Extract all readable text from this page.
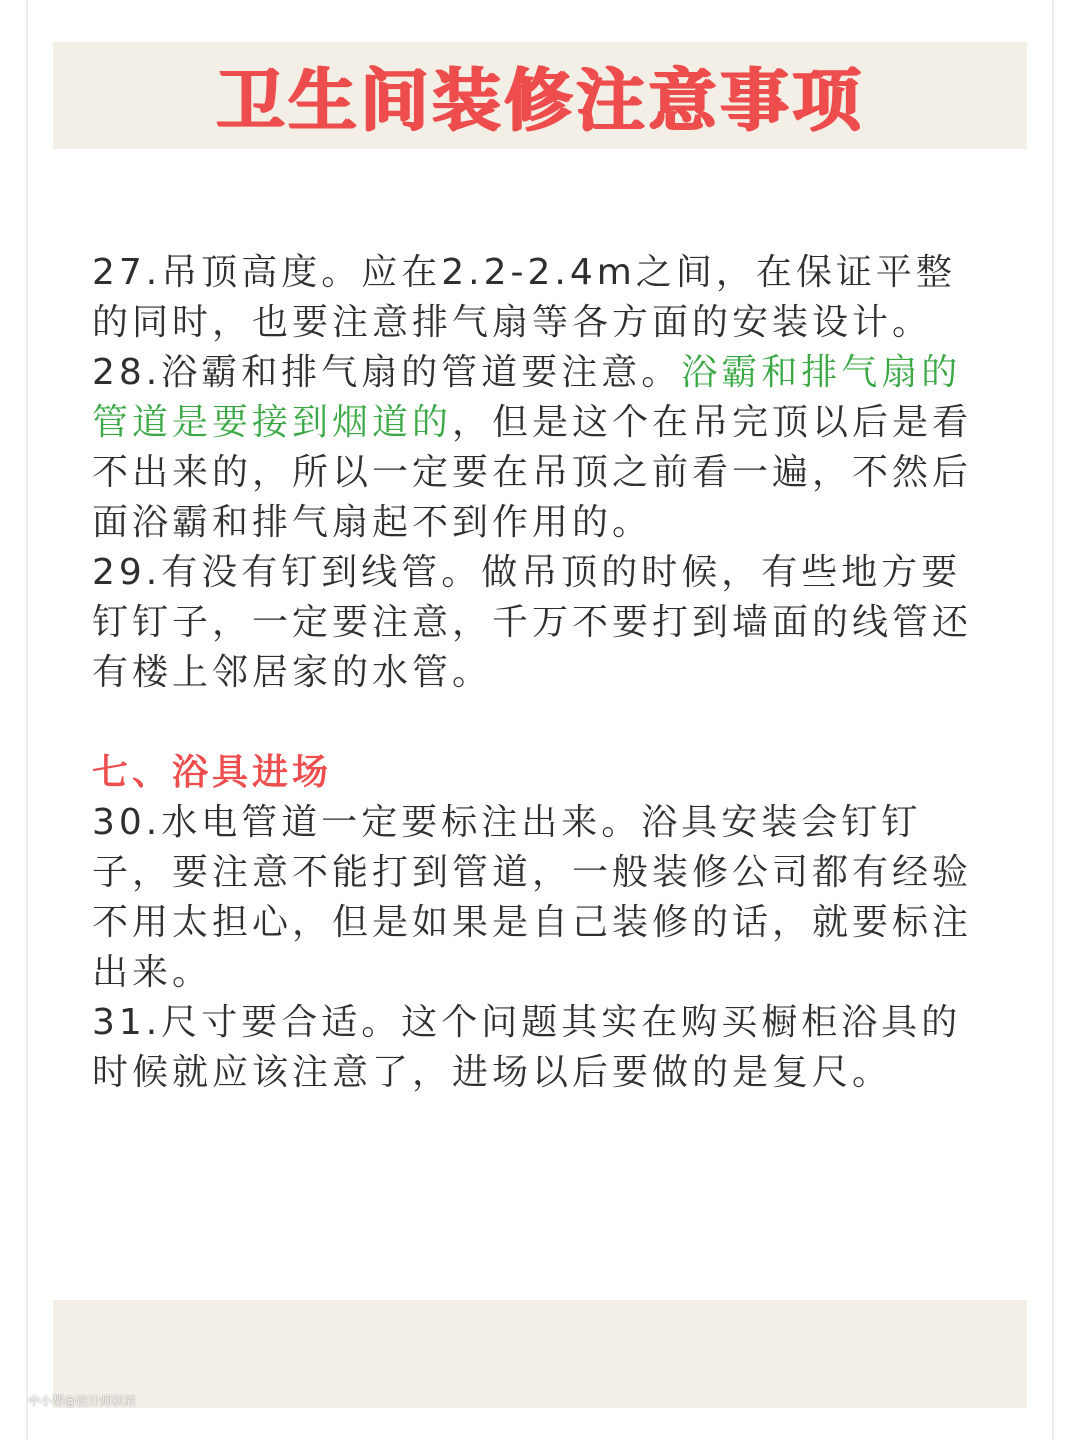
卫生间装修注意事项

27.吊顶高度。应在2.2-2.4m之间，在保证平整的同时，也要注意排气扇等各方面的安装设计。

28.浴霸和排气扇的管道要注意。浴霸和排气扇的管道是要接到烟道的，但是这个在吊完顶以后是看不出来的，所以一定要在吊顶之前看一遍，不然后面浴霸和排气扇起不到作用的。

29.有没有钉到线管。做吊顶的时候，有些地方要钉钉子，一定要注意，千万不要打到墙面的线管还有楼上邻居家的水管。

七、浴具进场

30.水电管道一定要标注出来。浴具安装会钉钉子，要注意不能打到管道，一般装修公司都有经验不用太担心，但是如果是自己装修的话，就要标注出来。

31.尺寸要合适。这个问题其实在购买橱柜浴具的时候就应该注意了，进场以后要做的是复尺。

中小帮@设计师秋辰
